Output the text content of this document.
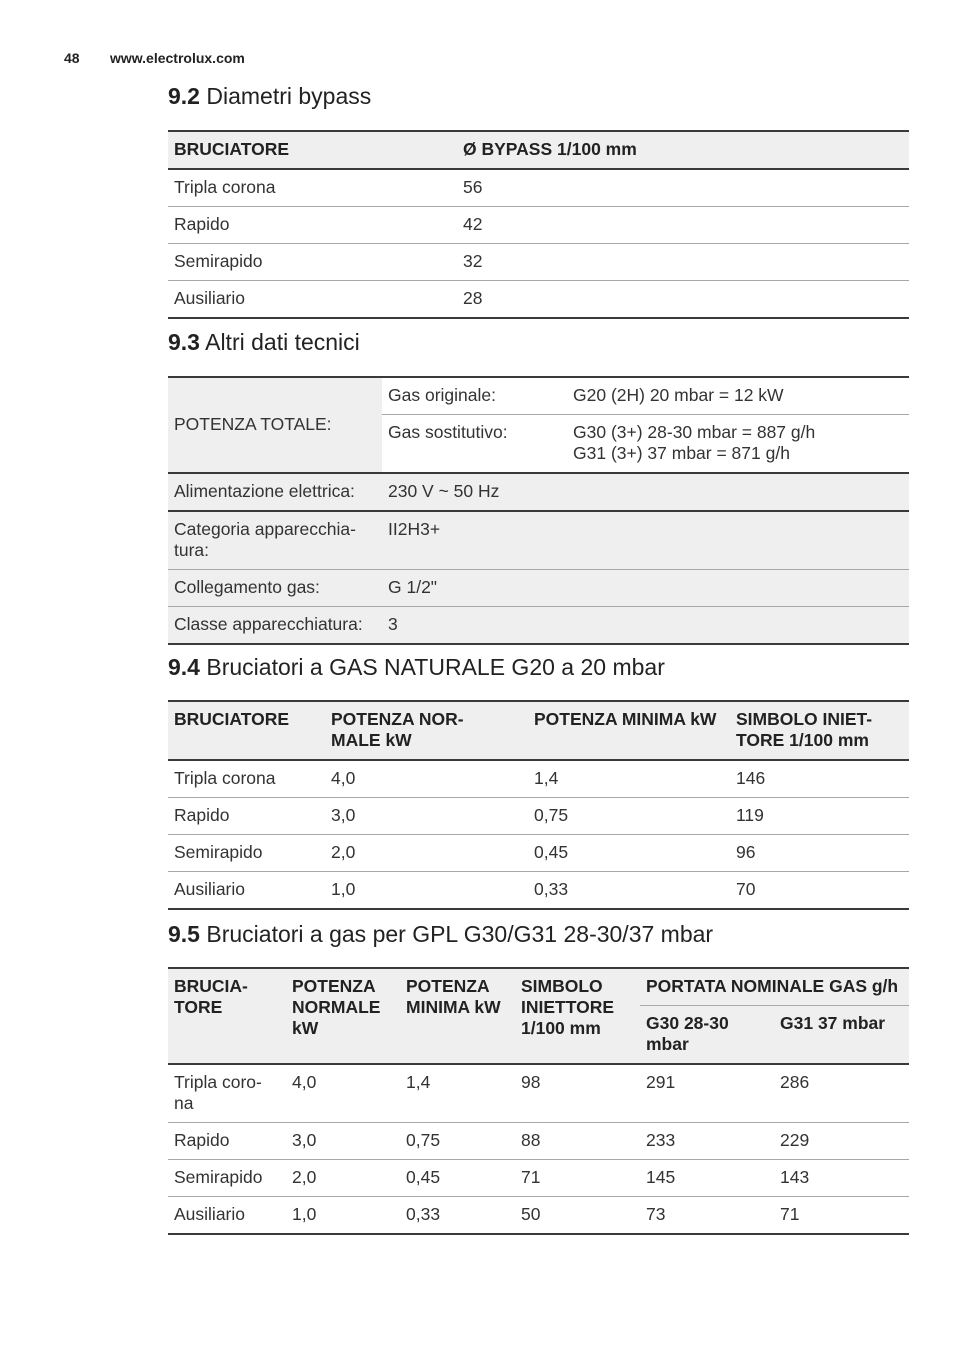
48 www.electrolux.com
9.2 Diametri bypass
BRUCIATORE	Ø BYPASS 1/100 mm
Tripla corona	56
Rapido	42
Semirapido	32
Ausiliario	28
9.3 Altri dati tecnici
POTENZA TOTALE:	Gas originale:	G20 (2H) 20 mbar = 12 kW
	Gas sostitutivo:	G30 (3+) 28-30 mbar = 887 g/h
G31 (3+) 37 mbar = 871 g/h

Alimentazione elettrica:	230 V ~ 50 Hz	
Categoria apparecchia-tura:	II2H3+	
Collegamento gas:	G 1/2"	
Classe apparecchiatura:	3	
9.4 Bruciatori a GAS NATURALE G20 a 20 mbar
BRUCIATORE	POTENZA NOR-MALE kW	POTENZA MINIMA kW	SIMBOLO INIET-TORE 1/100 mm
Tripla corona	4,0	1,4	146
Rapido	3,0	0,75	119
Semirapido	2,0	0,45	96
Ausiliario	1,0	0,33	70
9.5 Bruciatori a gas per GPL G30/G31 28-30/37 mbar
BRUCIA-TORE	POTENZA NORMALE kW	POTENZA MINIMA kW	SIMBOLO INIETTORE 1/100 mm	PORTATA NOMINALE GAS g/h	
				G30 28-30 mbar	G31 37 mbar
Tripla coro-na	4,0	1,4	98	291	286
Rapido	3,0	0,75	88	233	229
Semirapido	2,0	0,45	71	145	143
Ausiliario	1,0	0,33	50	73	71
